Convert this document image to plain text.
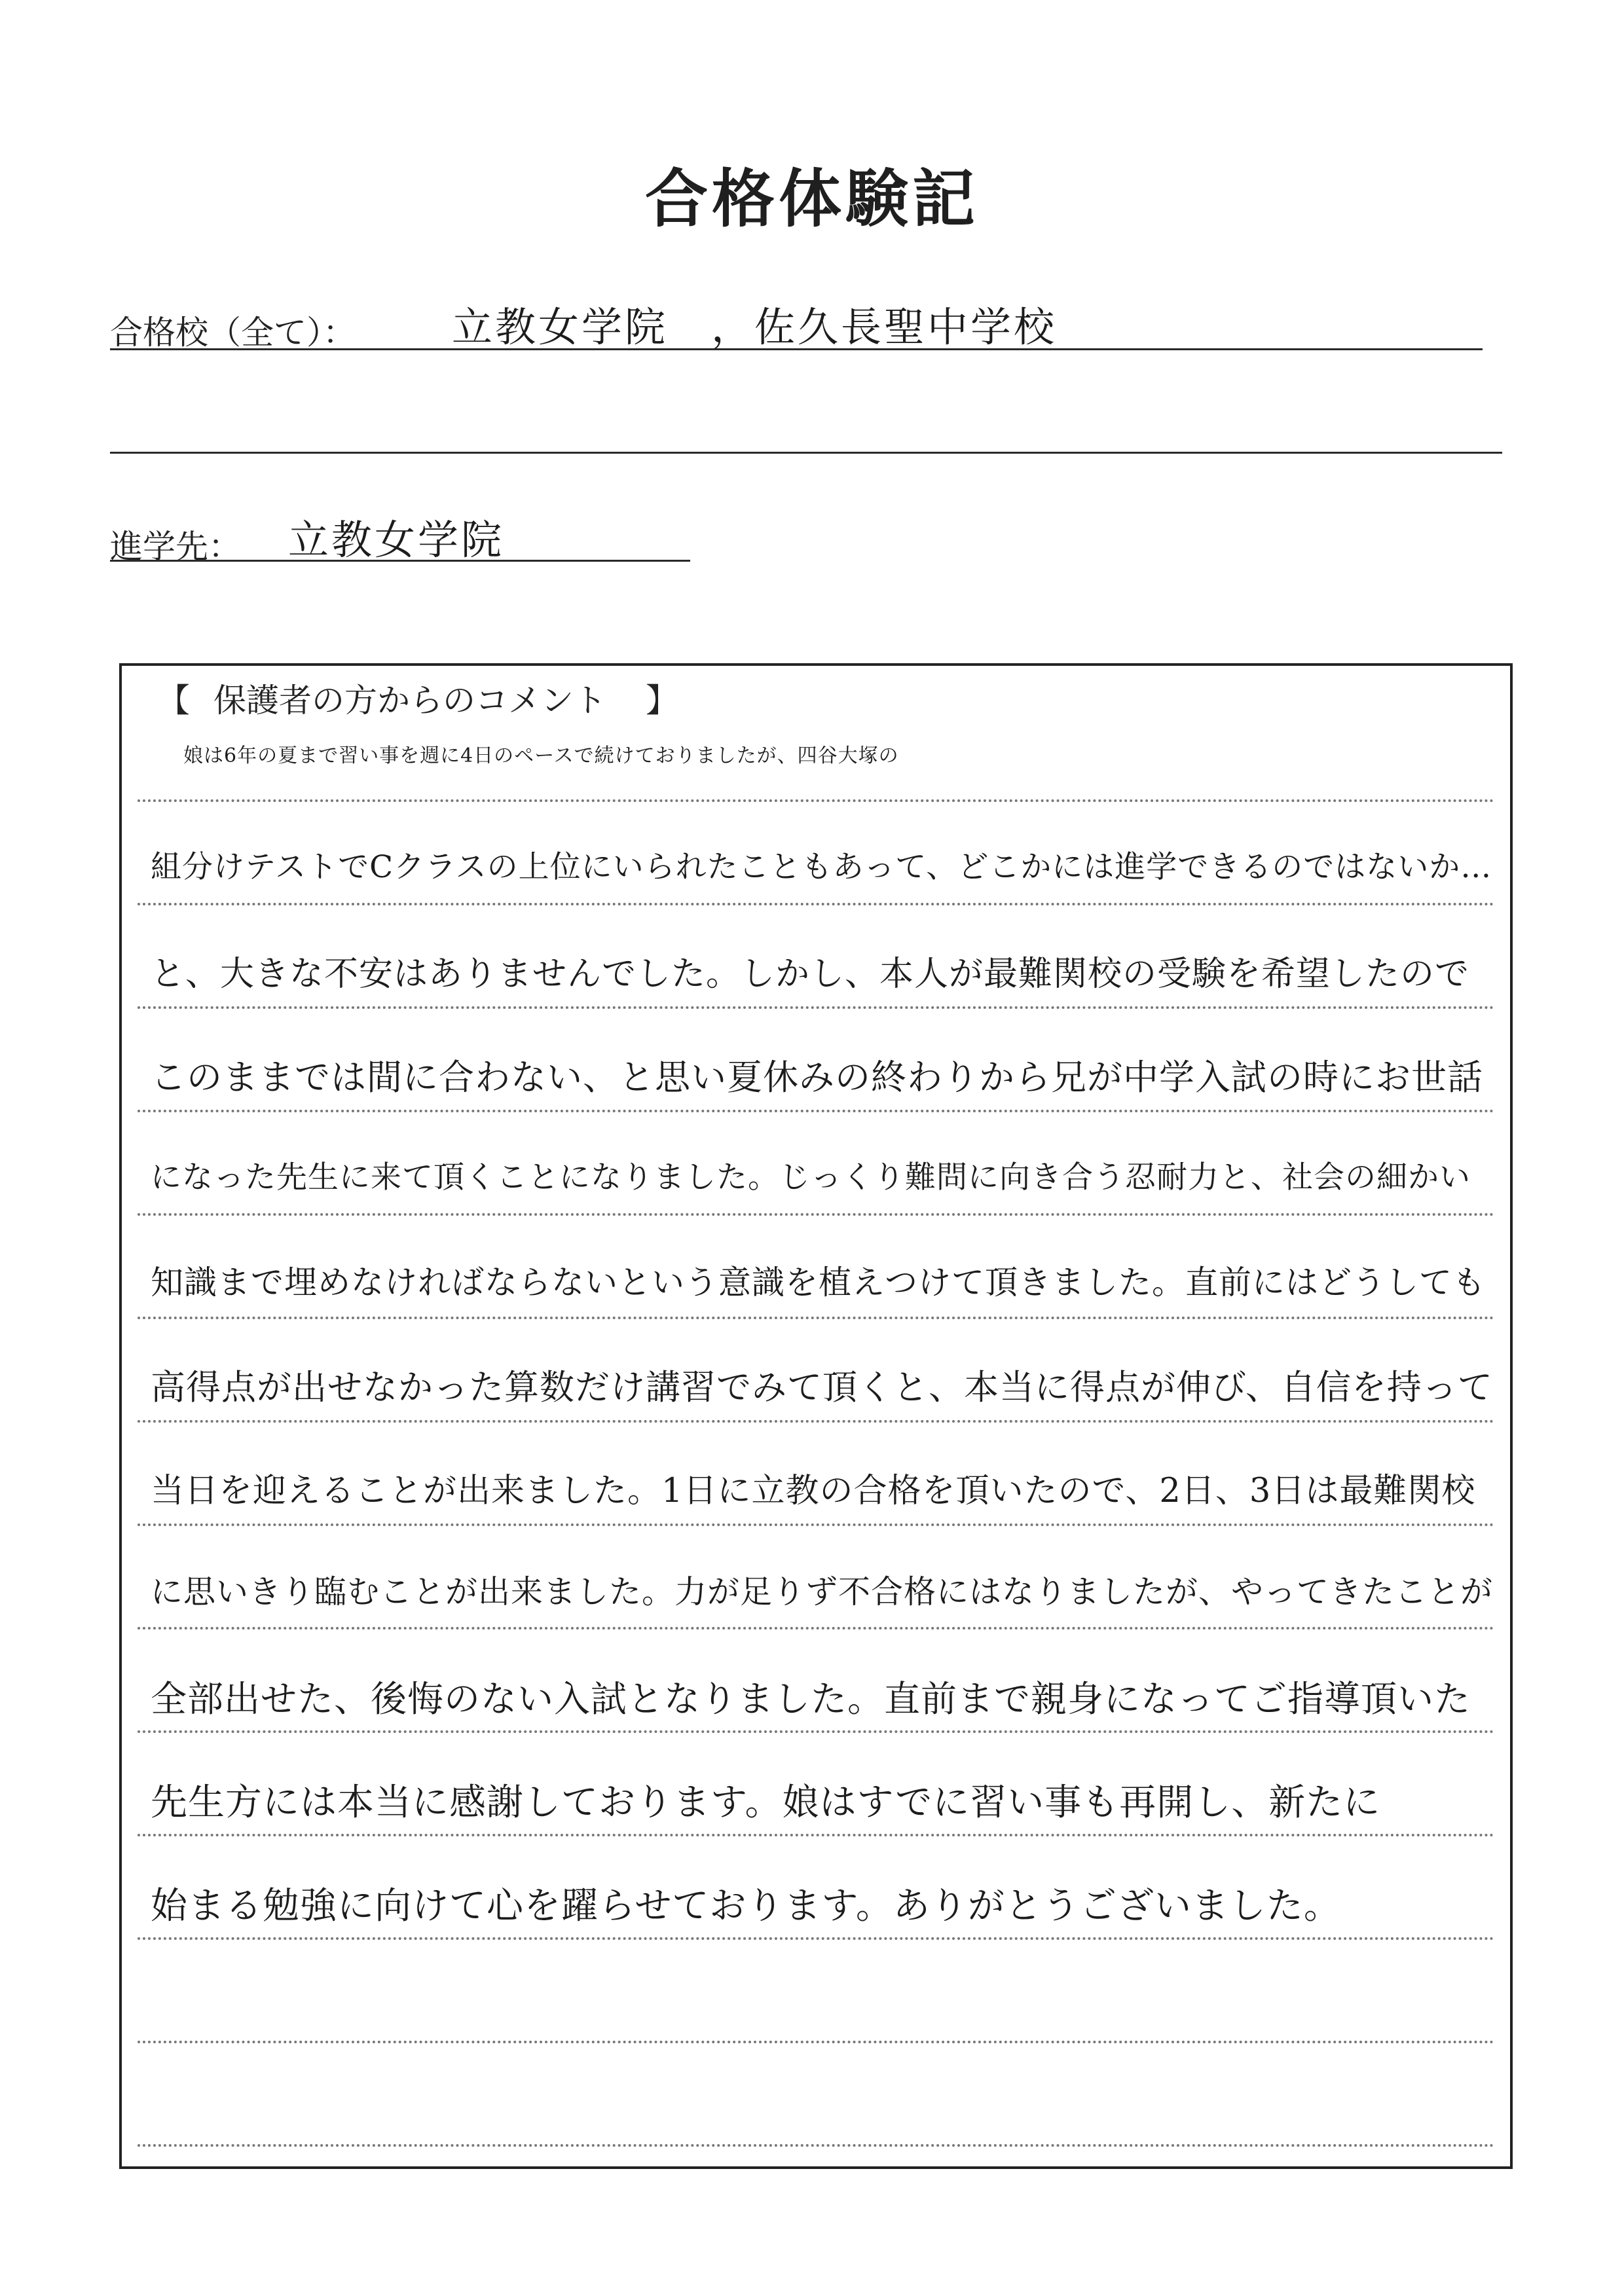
合格体験記
合格校（全て）： 立教女学院　，佐久長聖中学校
進学先： 立教女学院
【 保護者の方からのコメント 】
娘は6年の夏まで習い事を週に4日のペースで続けておりましたが、四谷大塚の
組分けテストでCクラスの上位にいられたこともあって、どこかには進学できるのではないか…
と、大きな不安はありませんでした。しかし、本人が最難関校の受験を希望したので
このままでは間に合わない、と思い夏休みの終わりから兄が中学入試の時にお世話
になった先生に来て頂くことになりました。じっくり難問に向き合う忍耐力と、社会の細かい
知識まで埋めなければならないという意識を植えつけて頂きました。直前にはどうしても
高得点が出せなかった算数だけ講習でみて頂くと、本当に得点が伸び、自信を持って
当日を迎えることが出来ました。1日に立教の合格を頂いたので、2日、3日は最難関校
に思いきり臨むことが出来ました。力が足りず不合格にはなりましたが、やってきたことが
全部出せた、後悔のない入試となりました。直前まで親身になってご指導頂いた
先生方には本当に感謝しております。娘はすでに習い事も再開し、新たに
始まる勉強に向けて心を躍らせております。ありがとうございました。
